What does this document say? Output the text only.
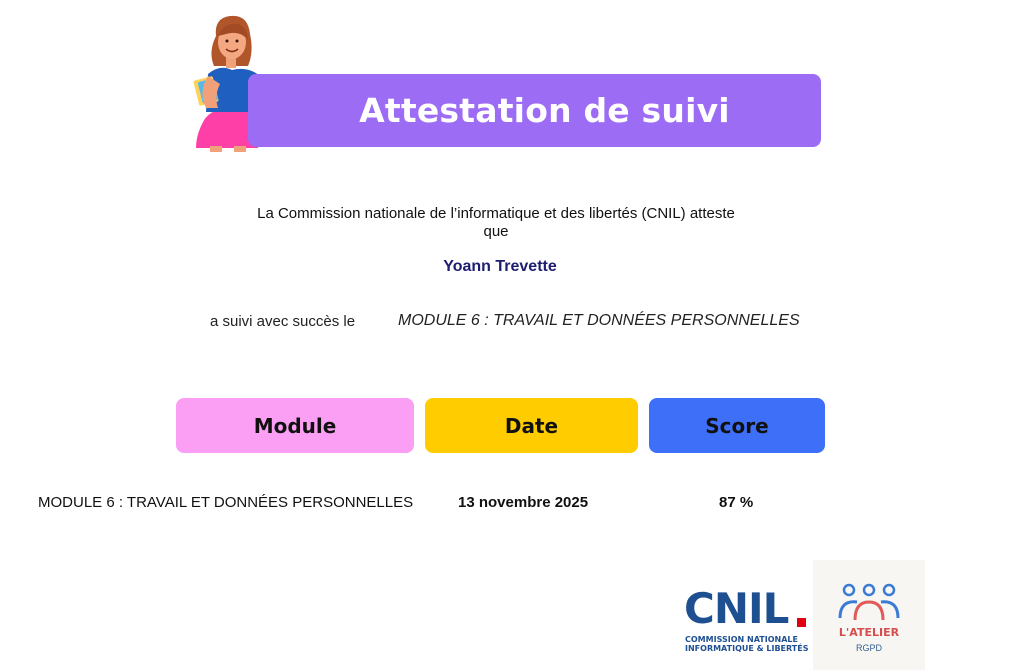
Attestation de suivi
La Commission nationale de l’informatique et des libertés (CNIL) atteste
que
Yoann Trevette
a suivi avec succès le	MODULE 6 : TRAVAIL ET DONNÉES PERSONNELLES
Module	Date	Score
MODULE 6 : TRAVAIL ET DONNÉES PERSONNELLES	13 novembre 2025	87 %
CNIL
COMMISSION NATIONALE
INFORMATIQUE & LIBERTÉS
L'ATELIER
RGPD
